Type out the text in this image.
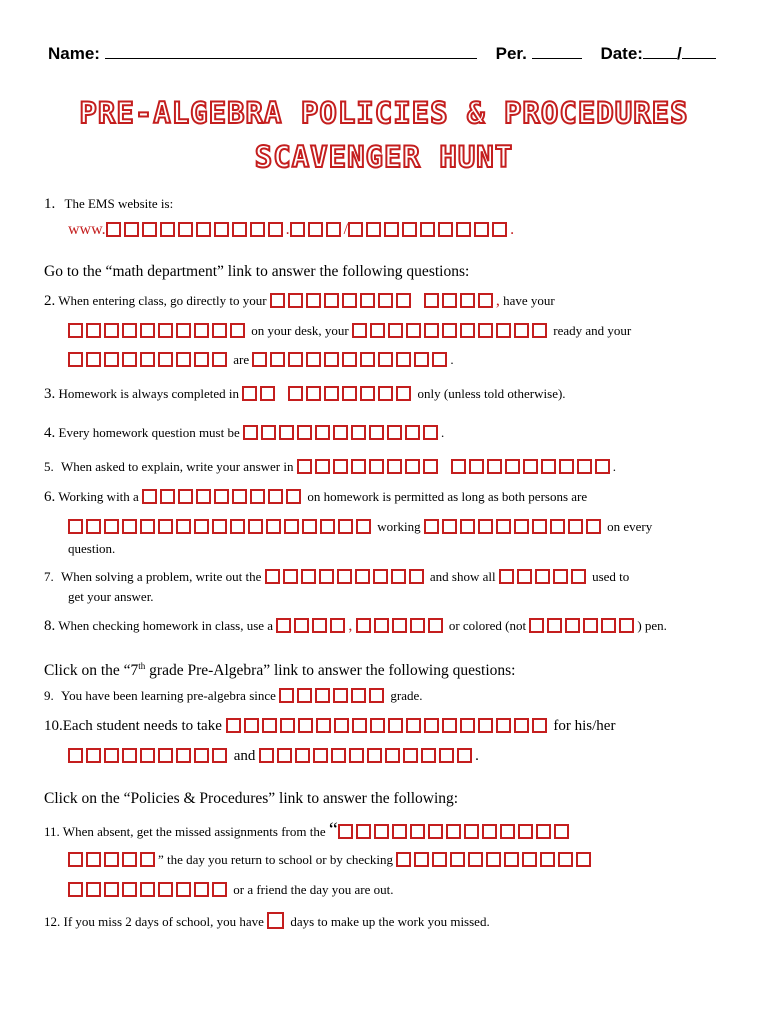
Name:	Per.	Date: /
PRE-ALGEBRA POLICIES & PROCEDURES
SCAVENGER HUNT
1. The EMS website is:
www.	.	/	.
Go to the “math department” link to answer the following questions:
2. When entering class, go directly to your	, have your
on your desk, your	ready and your
are	.
3. Homework is always completed in	only (unless told otherwise).
4. Every homework question must be	.
5. When asked to explain, write your answer in	.
6. Working with a	on homework is permitted as long as both persons are
working	on every
question.
7. When solving a problem, write out the	and show all	used to
get your answer.
8. When checking homework in class, use a	,	or colored (not	) pen.
Click on the “7th grade Pre-Algebra” link to answer the following questions:
9. You have been learning pre-algebra since	grade.
10.Each student needs to take	for his/her
and	.
Click on the “Policies & Procedures” link to answer the following:
11. When absent, get the missed assignments from the “
” the day you return to school or by checking
or a friend the day you are out.
12. If you miss 2 days of school, you have days to make up the work you missed.
